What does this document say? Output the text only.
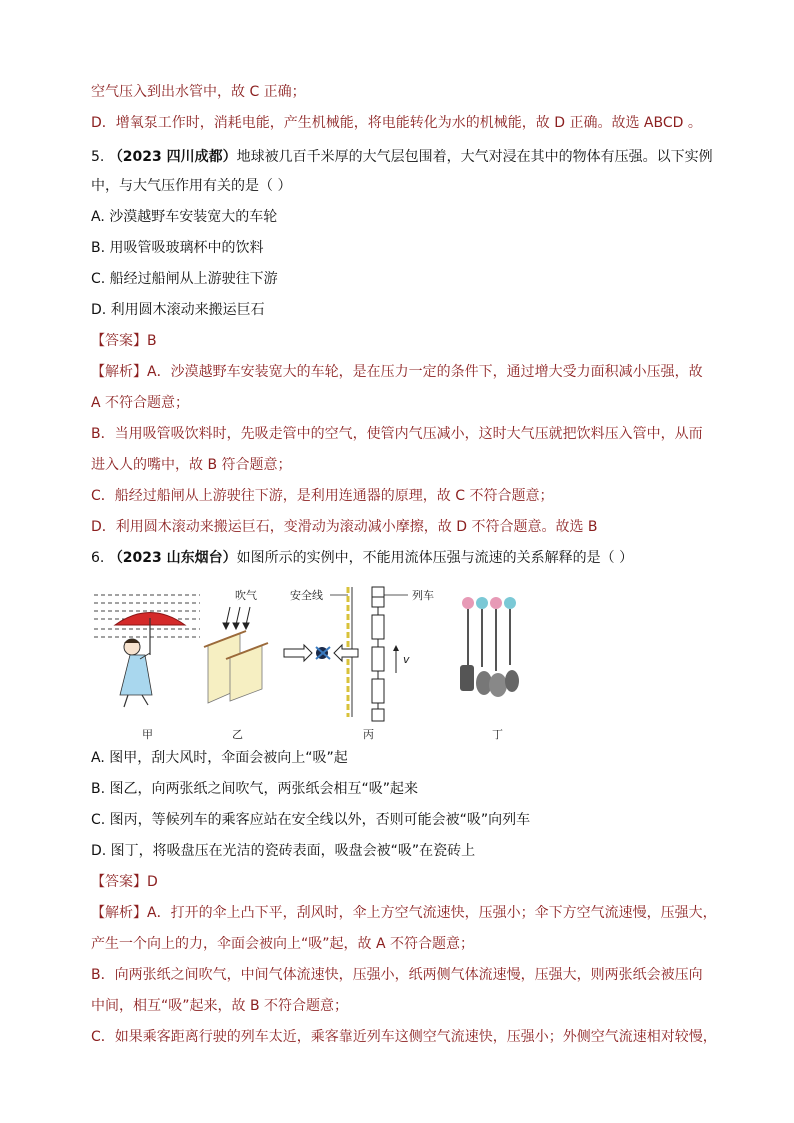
空气压入到出水管中，故 C 正确；
D．增氧泵工作时，消耗电能，产生机械能，将电能转化为水的机械能，故 D 正确。故选 ABCD 。
5. （2023 四川成都）地球被几百千米厚的大气层包围着，大气对浸在其中的物体有压强。以下实例
中，与大气压作用有关的是（ ）
A. 沙漠越野车安装宽大的车轮
B. 用吸管吸玻璃杯中的饮料
C. 船经过船闸从上游驶往下游
D. 利用圆木滚动来搬运巨石
【答案】B
【解析】A．沙漠越野车安装宽大的车轮，是在压力一定的条件下，通过增大受力面积减小压强，故
A 不符合题意；
B．当用吸管吸饮料时，先吸走管中的空气，使管内气压减小，这时大气压就把饮料压入管中，从而
进入人的嘴中，故 B 符合题意；
C．船经过船闸从上游驶往下游，是利用连通器的原理，故 C 不符合题意；
D．利用圆木滚动来搬运巨石，变滑动为滚动减小摩擦，故 D 不符合题意。故选 B
6. （2023 山东烟台）如图所示的实例中，不能用流体压强与流速的关系解释的是（ ）
吹气	安全线	列车
v
甲	乙	丙	丁
A. 图甲，刮大风时，伞面会被向上“吸”起
B. 图乙，向两张纸之间吹气，两张纸会相互“吸”起来
C. 图丙，等候列车的乘客应站在安全线以外，否则可能会被“吸”向列车
D. 图丁，将吸盘压在光洁的瓷砖表面，吸盘会被“吸”在瓷砖上
【答案】D
【解析】A．打开的伞上凸下平，刮风时，伞上方空气流速快，压强小；伞下方空气流速慢，压强大，
产生一个向上的力，伞面会被向上“吸”起，故 A 不符合题意；
B．向两张纸之间吹气，中间气体流速快，压强小，纸两侧气体流速慢，压强大，则两张纸会被压向
中间，相互“吸”起来，故 B 不符合题意；
C．如果乘客距离行驶的列车太近，乘客靠近列车这侧空气流速快，压强小；外侧空气流速相对较慢，
